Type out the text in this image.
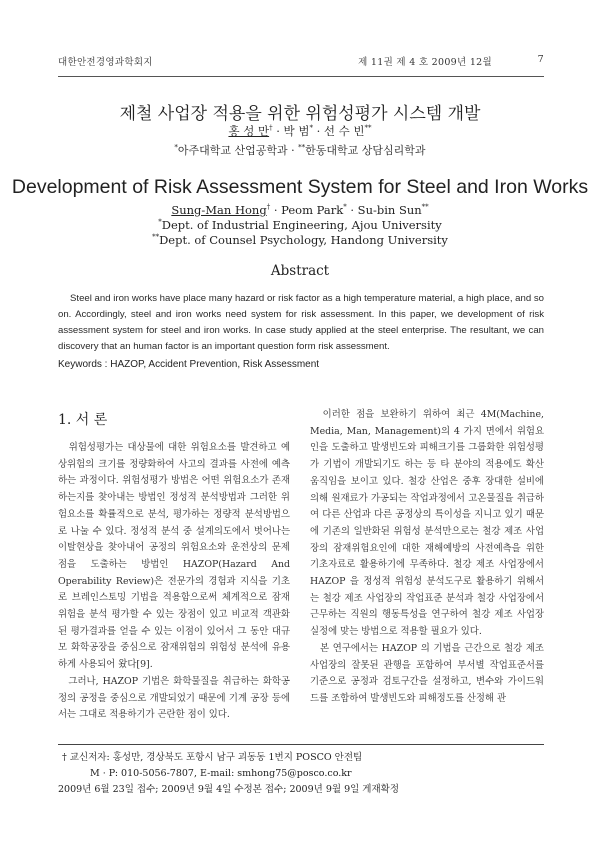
대한안전경영과학회지	제 11권 제 4 호 2009년 12월	7
제철 사업장 적용을 위한 위험성평가 시스템 개발
홍 성 만† · 박 범* · 선 수 빈**
*아주대학교 산업공학과 · **한동대학교 상담심리학과
Development of Risk Assessment System for Steel and Iron Works
Sung-Man Hong† · Peom Park* · Su-bin Sun**
*Dept. of Industrial Engineering, Ajou University
**Dept. of Counsel Psychology, Handong University
Abstract

Steel and iron works have place many hazard or risk factor as a high temperature material, a high place, and so on. Accordingly, steel and iron works need system for risk assessment. In this paper, we development of risk assessment system for steel and iron works. In case study applied at the steel enterprise. The resultant, we can discovery that an human factor is an important question form risk assessment.

Keywords : HAZOP, Accident Prevention, Risk Assessment
1. 서 론

　위험성평가는 대상물에 대한 위험요소를 발견하고 예상위험의 크기를 정량화하여 사고의 결과를 사전에 예측하는 과정이다. 위험성평가 방법은 어떤 위험요소가 존재하는지를 찾아내는 방법인 정성적 분석방법과 그러한 위험요소를 확률적으로 분석, 평가하는 정량적 분석방법으로 나눌 수 있다. 정성적 분석 중 설계의도에서 벗어나는 이탈현상을 찾아내어 공정의 위험요소와 운전상의 문제점을 도출하는 방법인 HAZOP(Hazard And Operability Review)은 전문가의 경험과 지식을 기초로 브레인스토밍 기법을 적용함으로써 체계적으로 잠재위험을 분석 평가할 수 있는 장점이 있고 비교적 객관화 된 평가결과를 얻을 수 있는 이점이 있어서 그 동안 대규모 화학공장을 중심으로 잠재위험의 위험성 분석에 유용하게 사용되어 왔다[9].

　그러나, HAZOP 기법은 화학물질을 취급하는 화학공정의 공정을 중심으로 개발되었기 때문에 기계 공장 등에서는 그대로 적용하기가 곤란한 점이 있다.

　이러한 점을 보완하기 위하여 최근 4M(Machine, Media, Man, Management)의 4 가지 면에서 위험요인을 도출하고 발생빈도와 피해크기를 그룹화한 위험성평가 기법이 개발되기도 하는 등 타 분야의 적용에도 확산 움직임을 보이고 있다. 철강 산업은 중후 장대한 설비에 의해 원재료가 가공되는 작업과정에서 고온물질을 취급하여 다른 산업과 다른 공정상의 특이성을 지니고 있기 때문에 기존의 일반화된 위험성 분석만으로는 철강 제조 사업장의 잠재위험요인에 대한 재해예방의 사전예측을 위한 기초자료로 활용하기에 무족하다. 철강 제조 사업장에서 HAZOP 을 정성적 위험성 분석도구로 활용하기 위해서는 철강 제조 사업장의 작업표준 분석과 철강 사업장에서 근무하는 직원의 행동특성을 연구하여 철강 제조 사업장 실정에 맞는 방법으로 적용할 필요가 있다.

　본 연구에서는 HAZOP 의 기법을 근간으로 철강 제조 사업장의 잘못된 관행을 포함하여 부서별 작업표준서를 기준으로 공정과 검토구간을 설정하고, 변수와 가이드워드를 조합하여 발생빈도와 피해정도를 산정해 관

† 교신저자: 홍성만, 경상북도 포항시 남구 괴동동 1번지 POSCO 안전팀
M · P: 010-5056-7807, E-mail: smhong75@posco.co.kr
2009년 6월 23일 접수; 2009년 9월 4일 수정본 접수; 2009년 9월 9일 게재확정
